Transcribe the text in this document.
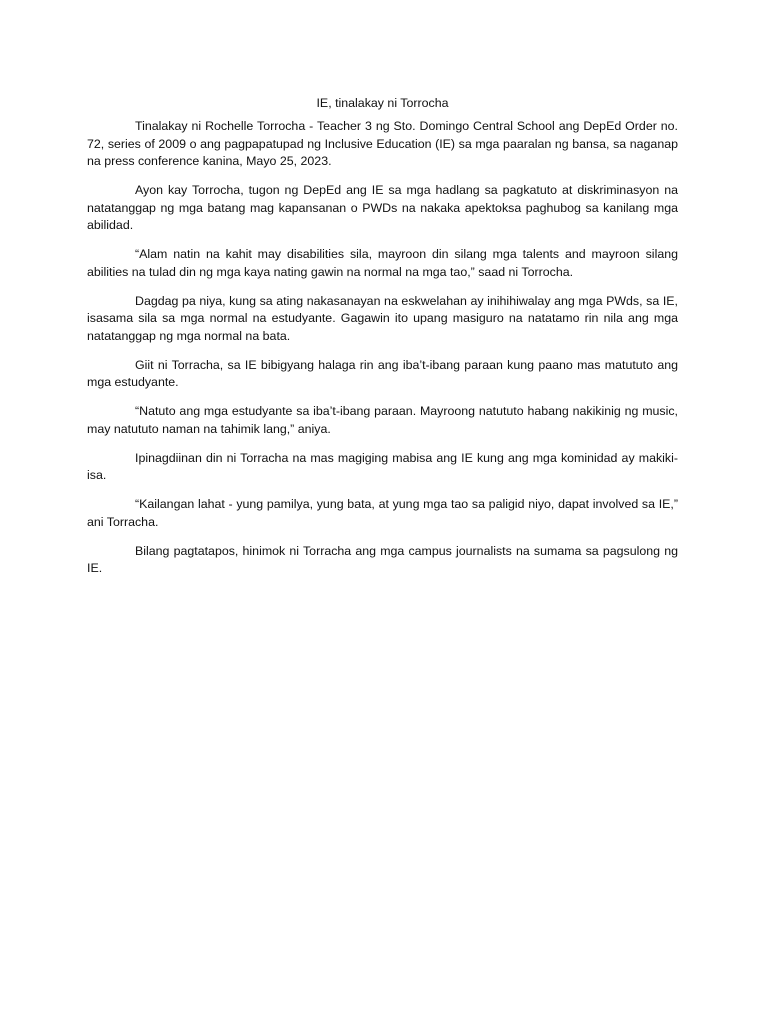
IE, tinalakay ni Torrocha

Tinalakay ni Rochelle Torrocha - Teacher 3 ng Sto. Domingo Central School ang DepEd Order no. 72, series of 2009 o ang pagpapatupad ng Inclusive Education (IE) sa mga paaralan ng bansa, sa naganap na press conference kanina, Mayo 25, 2023.

Ayon kay Torrocha, tugon ng DepEd ang IE sa mga hadlang sa pagkatuto at diskriminasyon na natatanggap ng mga batang mag kapansanan o PWDs na nakaka apektoksa paghubog sa kanilang mga abilidad.

“Alam natin na kahit may disabilities sila, mayroon din silang mga talents and mayroon silang abilities na tulad din ng mga kaya nating gawin na normal na mga tao,” saad ni Torrocha.

Dagdag pa niya, kung sa ating nakasanayan na eskwelahan ay inihihiwalay ang mga PWds, sa IE, isasama sila sa mga normal na estudyante. Gagawin ito upang masiguro na natatamo rin nila ang mga natatanggap ng mga normal na bata.

Giit ni Torracha, sa IE bibigyang halaga rin ang iba’t-ibang paraan kung paano mas matututo ang mga estudyante.

“Natuto ang mga estudyante sa iba’t-ibang paraan. Mayroong natututo habang nakikinig ng music, may natututo naman na tahimik lang,” aniya.

Ipinagdiinan din ni Torracha na mas magiging mabisa ang IE kung ang mga kominidad ay makiki-isa.

“Kailangan lahat - yung pamilya, yung bata, at yung mga tao sa paligid niyo, dapat involved sa IE,” ani Torracha.

Bilang pagtatapos, hinimok ni Torracha ang mga campus journalists na sumama sa pagsulong ng IE.
